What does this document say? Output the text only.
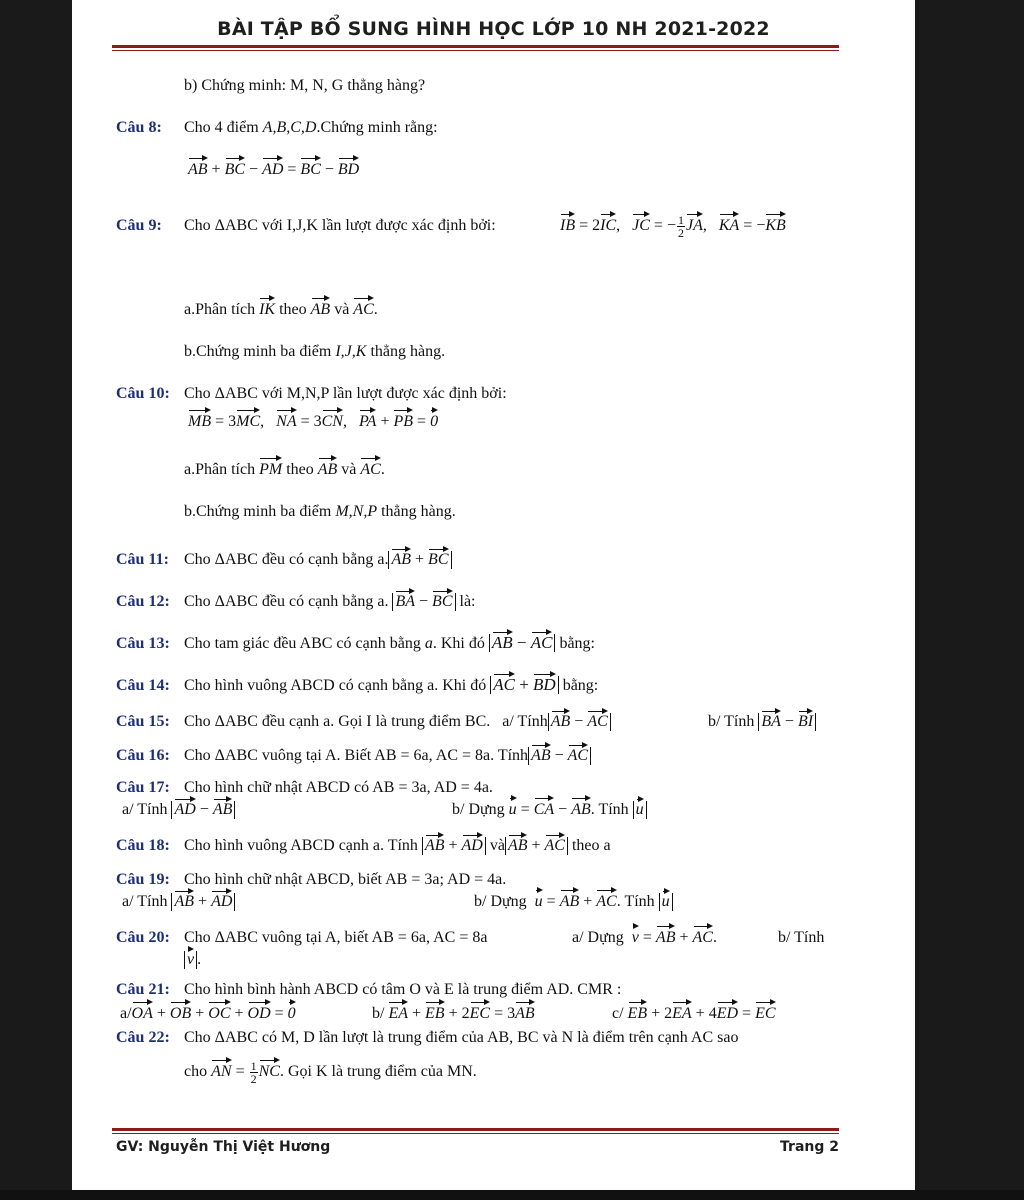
BÀI TẬP BỔ SUNG HÌNH HỌC LỚP 10 NH 2021-2022
b) Chứng minh: M, N, G thẳng hàng?
Câu 8: Cho 4 điểm A,B,C,D.Chứng minh rằng:
AB + BC − AD = BC − BD
Câu 9: Cho ΔABC với I,J,K lần lượt được xác định bởi:	IB = 2IC,   JC = − $\frac{1}{2}$ JA,   KA = −KB
a.Phân tích IK theo AB và AC.
b.Chứng minh ba điểm I,J,K thẳng hàng.
Câu 10: Cho ΔABC với M,N,P lần lượt được xác định bởi:
MB = 3MC,   NA = 3CN,   PA + PB = 0
a.Phân tích PM theo AB và AC.
b.Chứng minh ba điểm M,N,P thẳng hàng.
Câu 11: Cho ΔABC đều có cạnh bằng a. AB + BC
Câu 12: Cho ΔABC đều có cạnh bằng a. BA − BC là:
Câu 13: Cho tam giác đều ABC có cạnh bằng a. Khi đó AB − AC bằng:
Câu 14: Cho hình vuông ABCD có cạnh bằng a. Khi đó AC + BD bằng:
Câu 15: Cho ΔABC đều cạnh a. Gọi I là trung điểm BC. a/ Tính AB − AC	b/ Tính BA − BI
Câu 16: Cho ΔABC vuông tại A. Biết AB = 6a, AC = 8a. Tính AB − AC
Câu 17: Cho hình chữ nhật ABCD có AB = 3a, AD = 4a.
a/ Tính AD − AB	b/ Dựng u = CA − AB. Tính u
Câu 18: Cho hình vuông ABCD cạnh a. Tính AB + AD và AB + AC theo a
Câu 19: Cho hình chữ nhật ABCD, biết AB = 3a; AD = 4a.
a/ Tính AB + AD	b/ Dựng u = AB + AC. Tính u
Câu 20: Cho ΔABC vuông tại A, biết AB = 6a, AC = 8a	a/ Dựng v = AB + AC.	b/ Tính
v .
Câu 21: Cho hình bình hành ABCD có tâm O và E là trung điểm AD. CMR :
a/OA + OB + OC + OD = 0	b/ EA + EB + 2EC = 3AB	c/ EB + 2EA + 4ED = EC
Câu 22: Cho ΔABC có M, D lần lượt là trung điểm của AB, BC và N là điểm trên cạnh AC sao
cho AN = $\frac{1}{2}$ NC. Gọi K là trung điểm của MN.
GV: Nguyễn Thị Việt Hương	Trang 2
